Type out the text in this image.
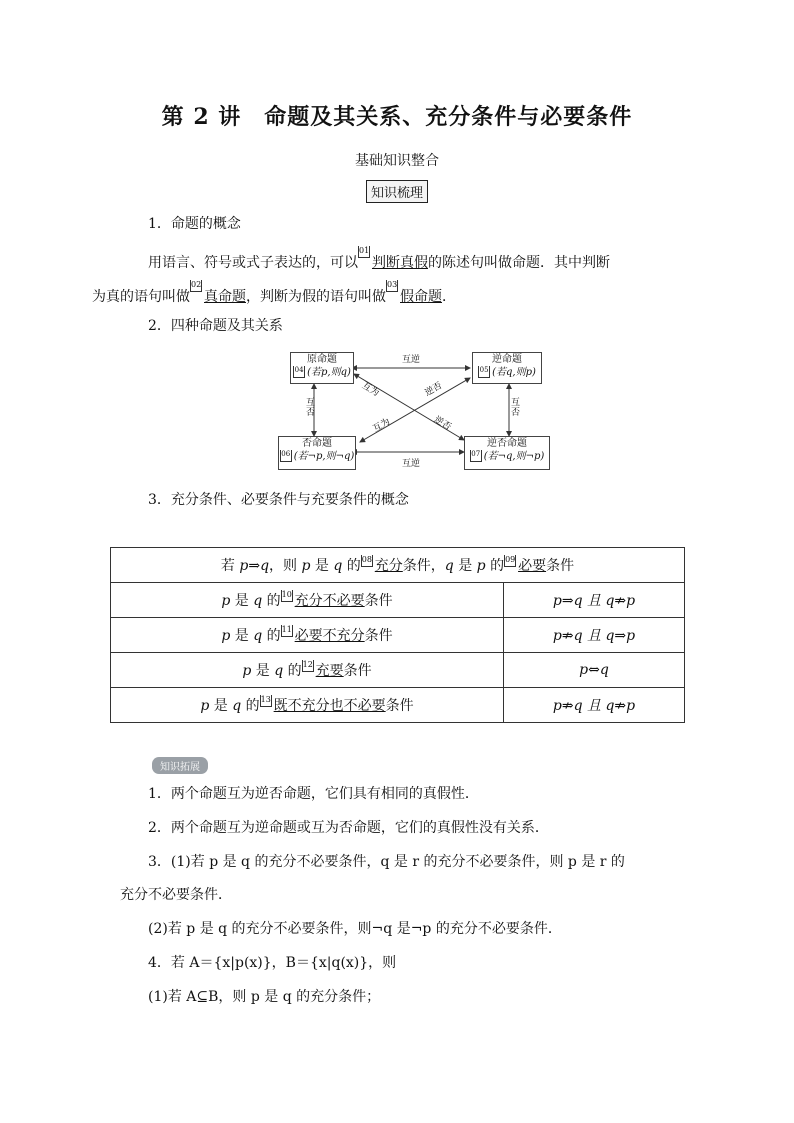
第 2 讲　命题及其关系、充分条件与必要条件
基础知识整合
知识梳理
1．命题的概念
用语言、符号或式子表达的，可以01判断真假的陈述句叫做命题．其中判断
为真的语句叫做02真命题，判断为假的语句叫做03假命题．
2．四种命题及其关系
原命题
04 (若p,则q)
逆命题
05 (若q,则p)
否命题
06 (若¬p,则¬q)
逆否命题
07 (若¬q,则¬p)
互逆
互逆
互否
互否
互为	逆否
互为	逆否
3．充分条件、必要条件与充要条件的概念
若 p⇒q，则 p 是 q 的08 充分条件，q 是 p 的09 必要条件	
p 是 q 的10 充分不必要条件	p⇒q 且 q⇏p
p 是 q 的11 必要不充分条件	p⇏q 且 q⇒p
p 是 q 的12 充要条件	p⇔q
p 是 q 的13 既不充分也不必要条件	p⇏q 且 q⇏p
知识拓展
1．两个命题互为逆否命题，它们具有相同的真假性．
2．两个命题互为逆命题或互为否命题，它们的真假性没有关系．
3．(1)若 p 是 q 的充分不必要条件，q 是 r 的充分不必要条件，则 p 是 r 的
充分不必要条件．
(2)若 p 是 q 的充分不必要条件，则¬q 是¬p 的充分不必要条件．
4．若 A＝{x|p(x)}，B＝{x|q(x)}，则
(1)若 A⊆B，则 p 是 q 的充分条件；
